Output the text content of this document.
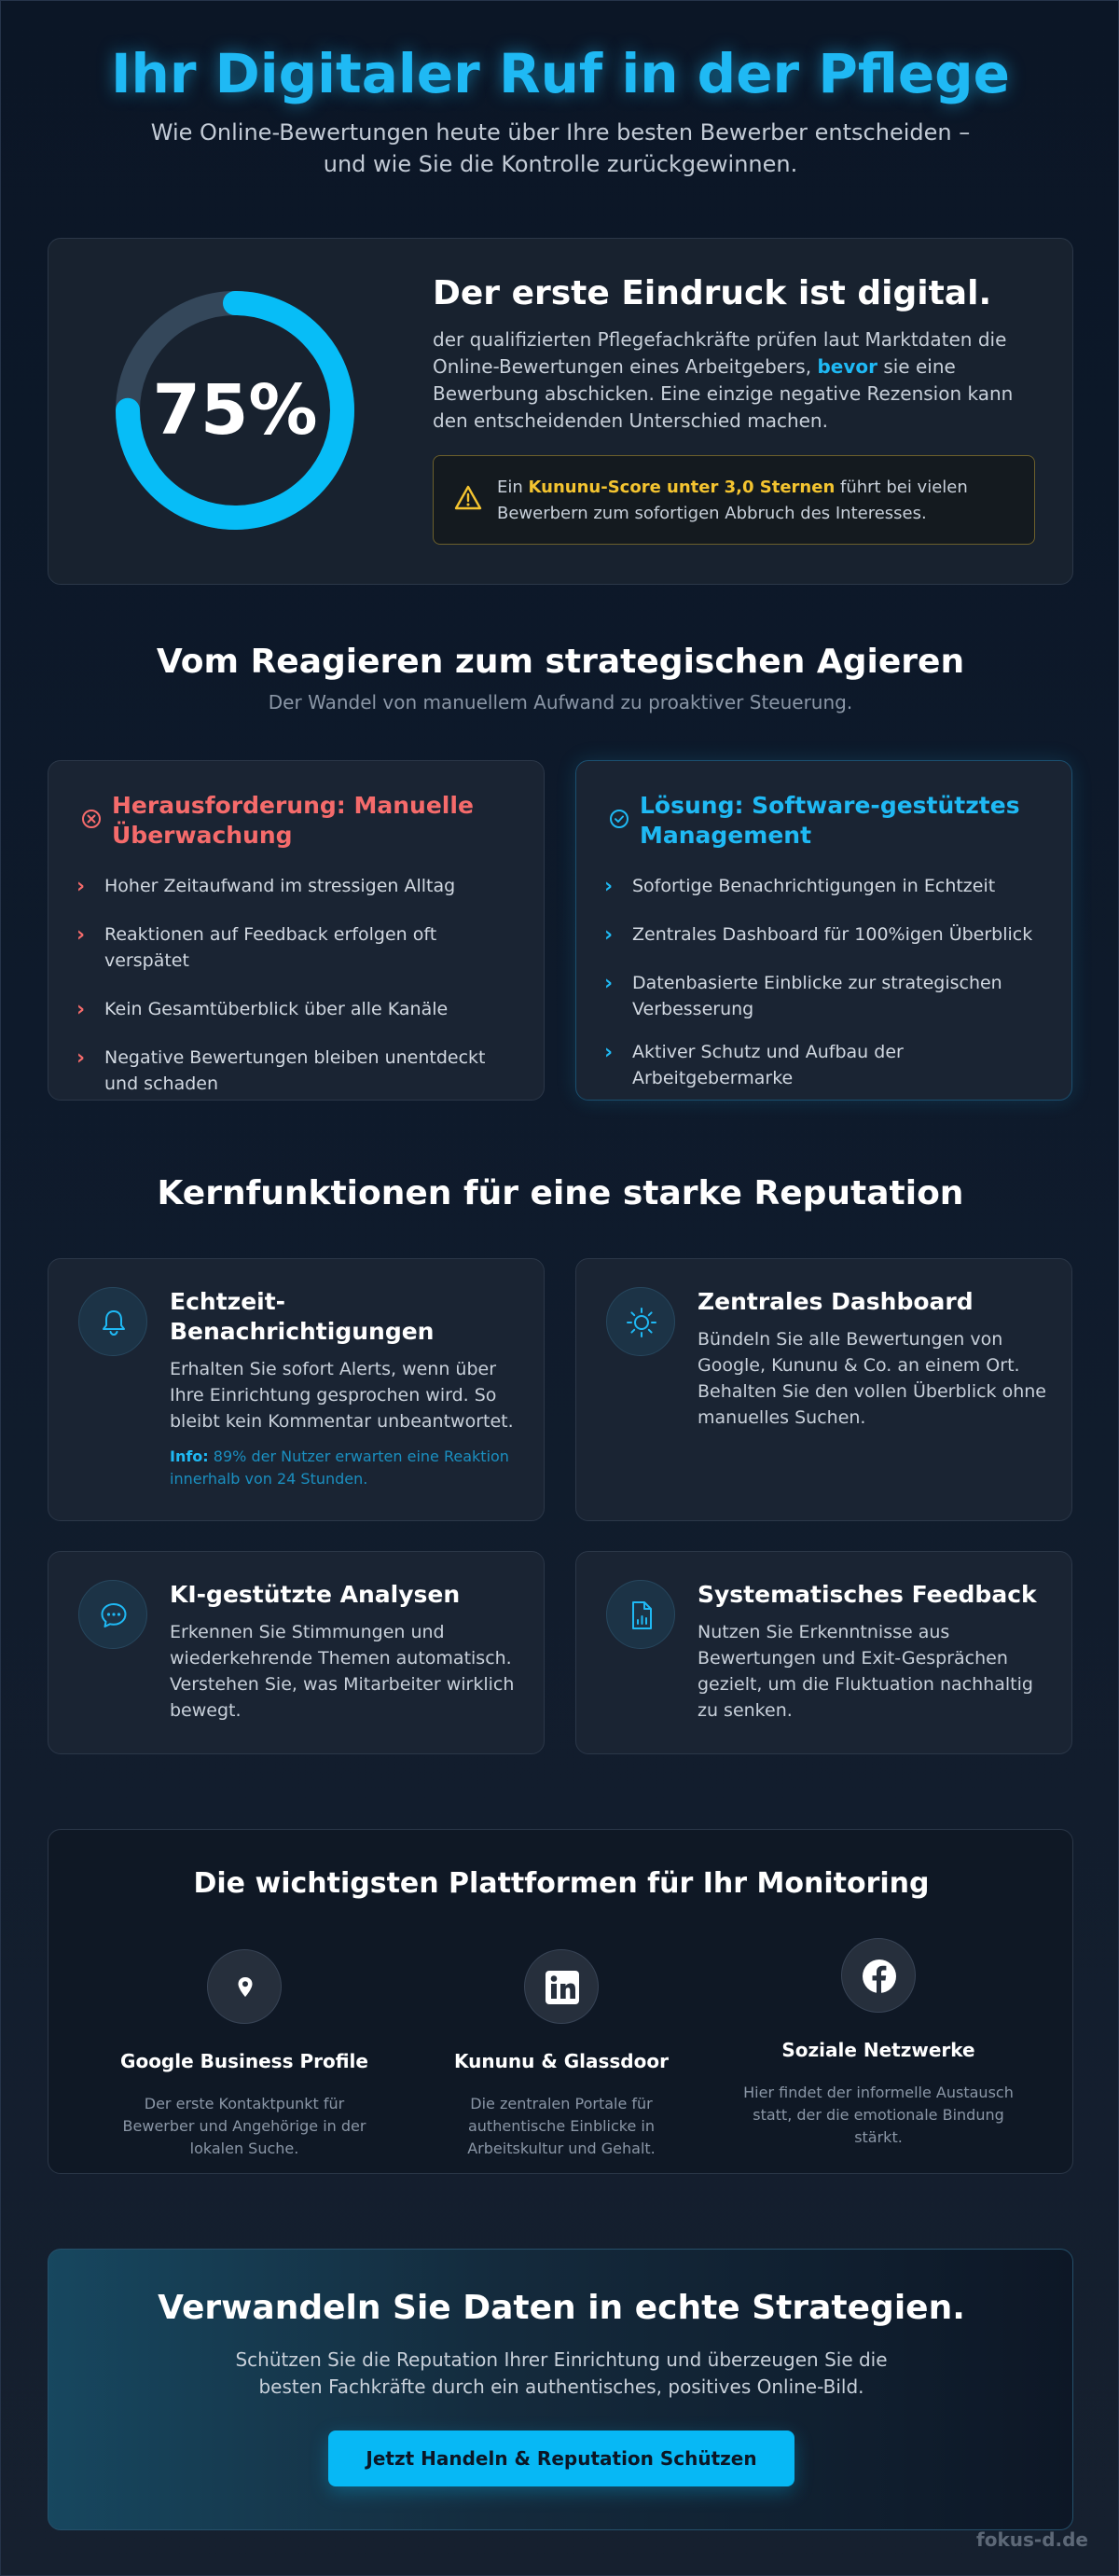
Ihr Digitaler Ruf in der Pflege

Wie Online-Bewertungen heute über Ihre besten Bewerber entscheiden – und wie Sie die Kontrolle zurückgewinnen.

75%
Der erste Eindruck ist digital.

der qualifizierten Pflegefachkräfte prüfen laut Marktdaten die Online-Bewertungen eines Arbeitgebers, bevor sie eine Bewerbung abschicken. Eine einzige negative Rezension kann den entscheidenden Unterschied machen.

Ein Kununu-Score unter 3,0 Sternen führt bei vielen Bewerbern zum sofortigen Abbruch des Interesses.

Vom Reagieren zum strategischen Agieren

Der Wandel von manuellem Aufwand zu proaktiver Steuerung.

Herausforderung: Manuelle Überwachung
› Hoher Zeitaufwand im stressigen Alltag
› Reaktionen auf Feedback erfolgen oft verspätet
› Kein Gesamtüberblick über alle Kanäle
› Negative Bewertungen bleiben unentdeckt und schaden
Lösung: Software-gestütztes Management
› Sofortige Benachrichtigungen in Echtzeit
› Zentrales Dashboard für 100%igen Überblick
› Datenbasierte Einblicke zur strategischen Verbesserung
› Aktiver Schutz und Aufbau der Arbeitgebermarke
Kernfunktionen für eine starke Reputation
Echtzeit-Benachrichtigungen

Erhalten Sie sofort Alerts, wenn über Ihre Einrichtung gesprochen wird. So bleibt kein Kommentar unbeantwortet.

Info: 89% der Nutzer erwarten eine Reaktion innerhalb von 24 Stunden.

Zentrales Dashboard

Bündeln Sie alle Bewertungen von Google, Kununu & Co. an einem Ort. Behalten Sie den vollen Überblick ohne manuelles Suchen.

KI-gestützte Analysen

Erkennen Sie Stimmungen und wiederkehrende Themen automatisch. Verstehen Sie, was Mitarbeiter wirklich bewegt.

Systematisches Feedback

Nutzen Sie Erkenntnisse aus Bewertungen und Exit-Gesprächen gezielt, um die Fluktuation nachhaltig zu senken.

Die wichtigsten Plattformen für Ihr Monitoring
Google Business Profile
Der erste Kontaktpunkt für Bewerber und Angehörige in der lokalen Suche.
Kununu & Glassdoor
Die zentralen Portale für authentische Einblicke in Arbeitskultur und Gehalt.
Soziale Netzwerke
Hier findet der informelle Austausch statt, der die emotionale Bindung stärkt.
Verwandeln Sie Daten in echte Strategien.

Schützen Sie die Reputation Ihrer Einrichtung und überzeugen Sie die besten Fachkräfte durch ein authentisches, positives Online-Bild.

Jetzt Handeln & Reputation Schützen
fokus-d.de
